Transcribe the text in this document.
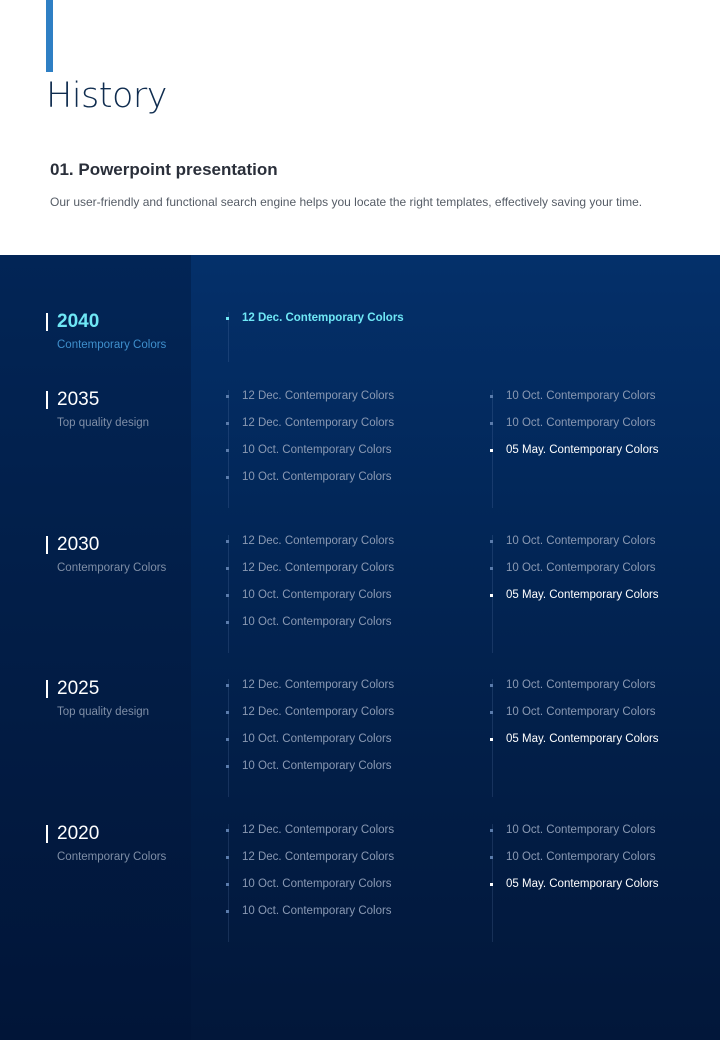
History
01. Powerpoint presentation
Our user-friendly and functional search engine helps you locate the right templates, effectively saving your time.
2040
Contemporary Colors
12 Dec. Contemporary Colors
2035
Top quality design
12 Dec. Contemporary Colors
12 Dec. Contemporary Colors
10 Oct. Contemporary Colors
10 Oct. Contemporary Colors
10 Oct. Contemporary Colors
10 Oct. Contemporary Colors
05 May. Contemporary Colors
2030
Contemporary Colors
12 Dec. Contemporary Colors
12 Dec. Contemporary Colors
10 Oct. Contemporary Colors
10 Oct. Contemporary Colors
10 Oct. Contemporary Colors
10 Oct. Contemporary Colors
05 May. Contemporary Colors
2025
Top quality design
12 Dec. Contemporary Colors
12 Dec. Contemporary Colors
10 Oct. Contemporary Colors
10 Oct. Contemporary Colors
10 Oct. Contemporary Colors
10 Oct. Contemporary Colors
05 May. Contemporary Colors
2020
Contemporary Colors
12 Dec. Contemporary Colors
12 Dec. Contemporary Colors
10 Oct. Contemporary Colors
10 Oct. Contemporary Colors
10 Oct. Contemporary Colors
10 Oct. Contemporary Colors
05 May. Contemporary Colors
